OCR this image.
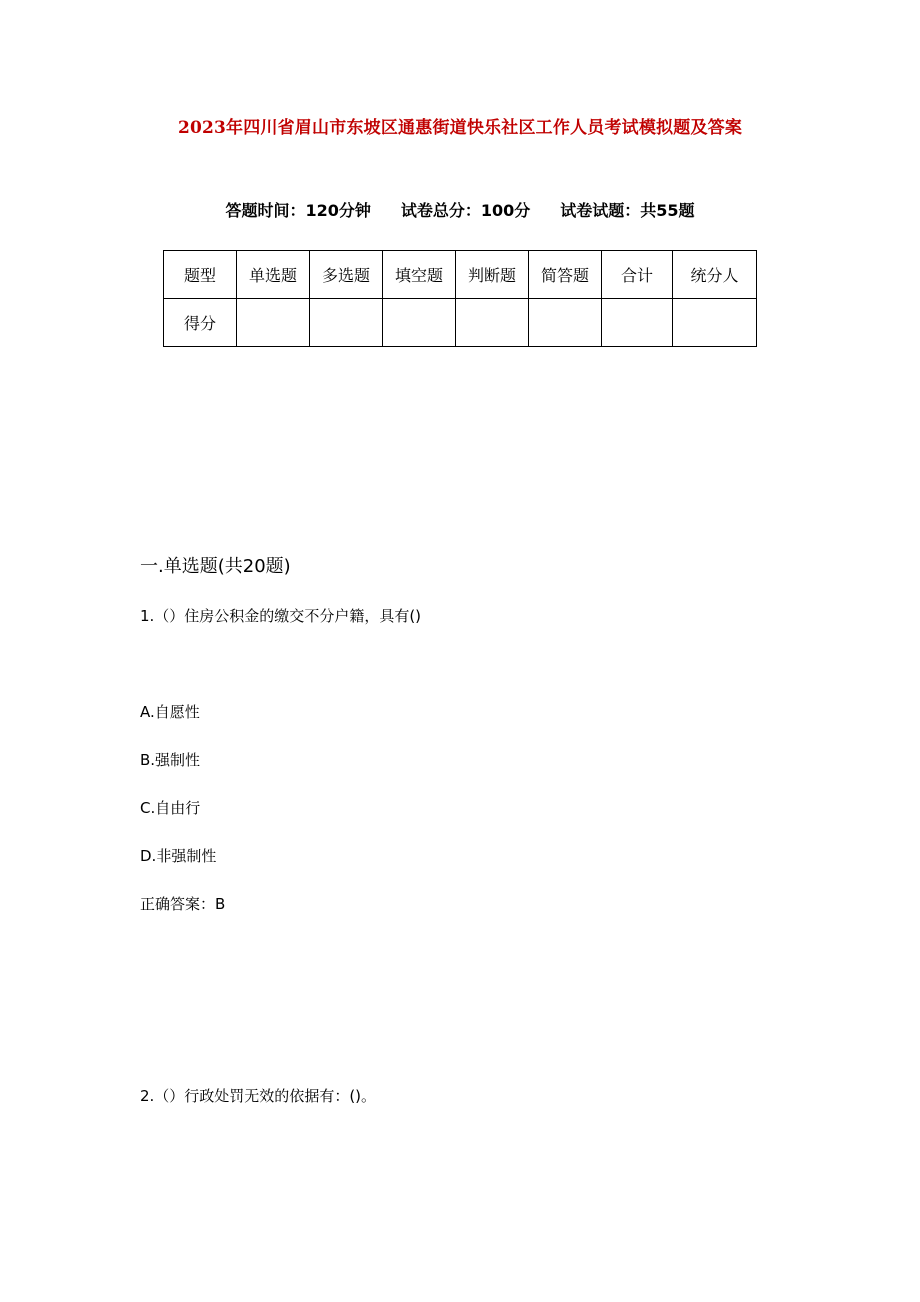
2023年四川省眉山市东坡区通惠街道快乐社区工作人员考试模拟题及答案
答题时间：120分钟 试卷总分：100分 试卷试题：共55题
题型	单选题	多选题	填空题	判断题	简答题	合计	统分人
得分							
一.单选题(共20题)
1.（）住房公积金的缴交不分户籍，具有()
A.自愿性
B.强制性
C.自由行
D.非强制性
正确答案：B
2.（）行政处罚无效的依据有：()。
